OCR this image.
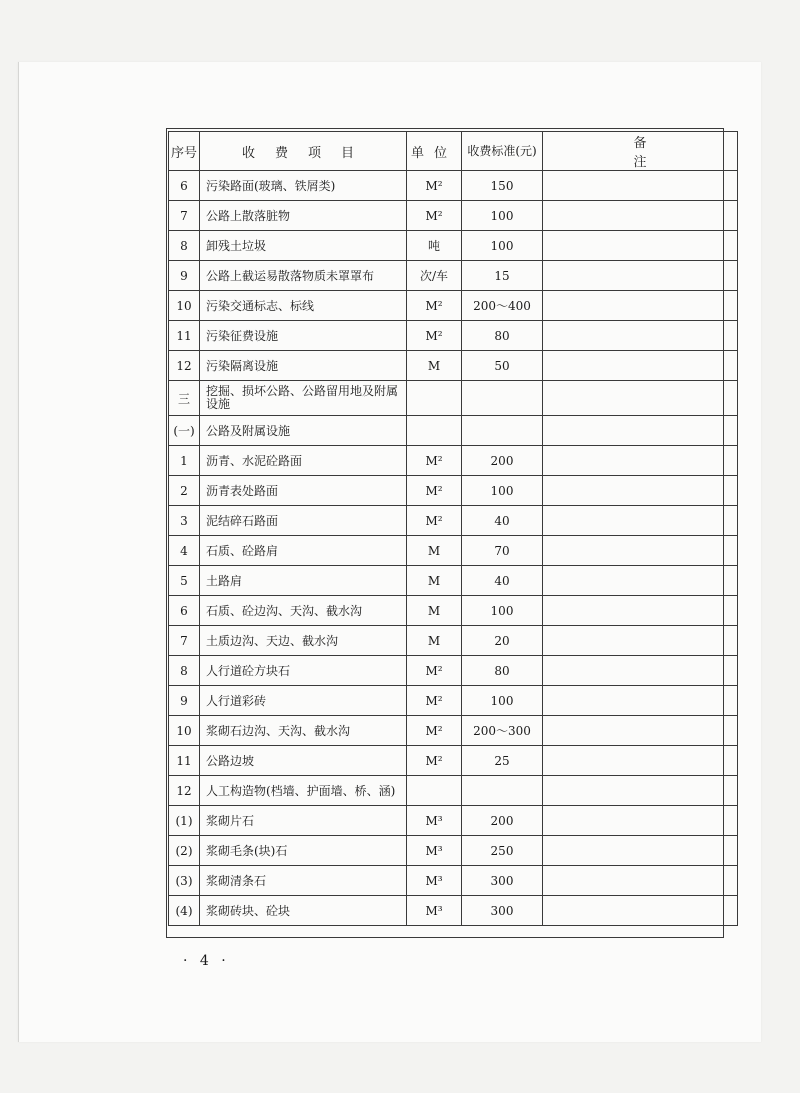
序号	收费项目	单位	收费标准(元)	备注
6	污染路面(玻璃、铁屑类)	M²	150	
7	公路上散落脏物	M²	100	
8	卸残土垃圾	吨	100	
9	公路上截运易散落物质未罩罩布	次/车	15	
10	污染交通标志、标线	M²	200～400	
11	污染征费设施	M²	80	
12	污染隔离设施	M	50	
三	挖掘、损坏公路、公路留用地及附属设施			
(一)	公路及附属设施			
1	沥青、水泥砼路面	M²	200	
2	沥青表处路面	M²	100	
3	泥结碎石路面	M²	40	
4	石质、砼路肩	M	70	
5	土路肩	M	40	
6	石质、砼边沟、天沟、截水沟	M	100	
7	土质边沟、天边、截水沟	M	20	
8	人行道砼方块石	M²	80	
9	人行道彩砖	M²	100	
10	浆砌石边沟、天沟、截水沟	M²	200～300	
11	公路边坡	M²	25	
12	人工构造物(档墙、护面墙、桥、涵)			
(1)	浆砌片石	M³	200	
(2)	浆砌毛条(块)石	M³	250	
(3)	浆砌清条石	M³	300	
(4)	浆砌砖块、砼块	M³	300	
· 4 ·
